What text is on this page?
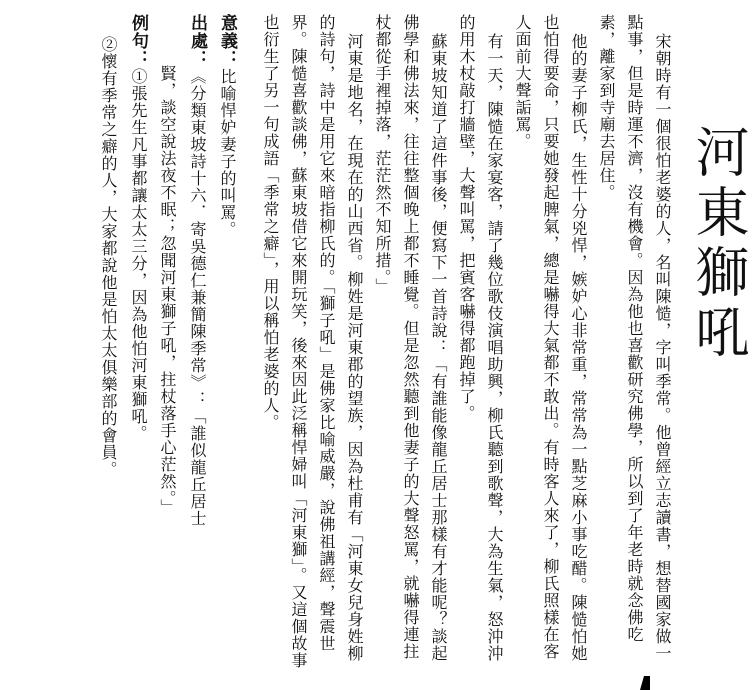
河東獅吼

宋朝時有一個很怕老婆的人，名叫陳慥，字叫季常。他曾經立志讀書，想替國家做一點事，但是時運不濟，沒有機會。因為他也喜歡研究佛學，所以到了年老時就念佛吃素，離家到寺廟去居住。

他的妻子柳氏，生性十分兇悍，嫉妒心非常重，常常為一點芝麻小事吃醋。陳慥怕她也怕得要命，只要她發起脾氣，總是嚇得大氣都不敢出。有時客人來了，柳氏照樣在客人面前大聲詬罵。

有一天，陳慥在家宴客，請了幾位歌伎演唱助興，柳氏聽到歌聲，大為生氣，怒沖沖的用木杖敲打牆壁，大聲叫罵，把賓客嚇得都跑掉了。

蘇東坡知道了這件事後，便寫下一首詩說：「有誰能像龍丘居士那樣有才能呢？談起佛學和佛法來，往往整個晚上都不睡覺。但是忽然聽到他妻子的大聲怒罵，就嚇得連拄杖都從手裡掉落，茫茫然不知所措。」

河東是地名，在現在的山西省。柳姓是河東郡的望族，因為杜甫有「河東女兒身姓柳的詩句，詩中是用它來暗指柳氏的。「獅子吼」是佛家比喻威嚴，說佛祖講經，聲震世界。陳慥喜歡談佛，蘇東坡借它來開玩笑，後來因此泛稱悍婦叫「河東獅」。又這個故事也衍生了另一句成語「季常之癖」，用以稱怕老婆的人。

意義：比喻悍妒妻子的叫罵。
出處：《分類東坡詩十六．寄吳德仁兼簡陳季常》：「誰似龍丘居士
賢，談空說法夜不眠；忽聞河東獅子吼，拄杖落手心茫然。」
例句：①張先生凡事都讓太太三分，因為他怕河東獅吼。
②懷有季常之癖的人，大家都說他是怕太太俱樂部的會員。
